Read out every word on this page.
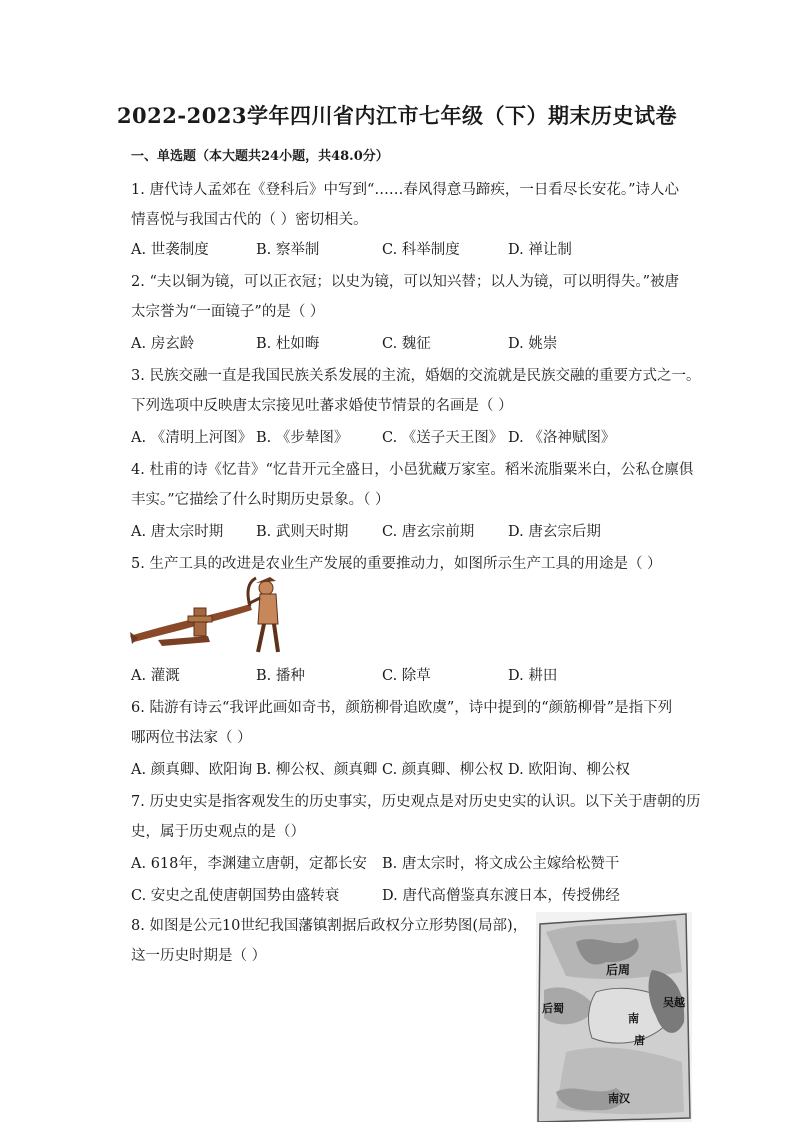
2022-2023学年四川省内江市七年级（下）期末历史试卷
一、单选题（本大题共24小题，共48.0分）
1. 唐代诗人孟郊在《登科后》中写到“……春风得意马蹄疾，一日看尽长安花。”诗人心
情喜悦与我国古代的（ ）密切相关。
A. 世袭制度	B. 察举制	C. 科举制度	D. 禅让制
2. “夫以铜为镜，可以正衣冠；以史为镜，可以知兴替；以人为镜，可以明得失。”被唐
太宗誉为“一面镜子”的是（ ）
A. 房玄龄	B. 杜如晦	C. 魏征	D. 姚崇
3. 民族交融一直是我国民族关系发展的主流，婚姻的交流就是民族交融的重要方式之一。
下列选项中反映唐太宗接见吐蕃求婚使节情景的名画是（ ）
A. 《清明上河图》 B. 《步辇图》 C. 《送子天王图》 D. 《洛神赋图》
4. 杜甫的诗《忆昔》“忆昔开元全盛日，小邑犹藏万家室。稻米流脂粟米白，公私仓廪俱
丰实。”它描绘了什么时期历史景象。（ ）
A. 唐太宗时期 B. 武则天时期 C. 唐玄宗前期 D. 唐玄宗后期
5. 生产工具的改进是农业生产发展的重要推动力，如图所示生产工具的用途是（ ）
A. 灌溉	B. 播种	C. 除草	D. 耕田
6. 陆游有诗云“我评此画如奇书，颜筋柳骨追欧虞”，诗中提到的“颜筋柳骨”是指下列
哪两位书法家（ ）
A. 颜真卿、欧阳询 B. 柳公权、颜真卿 C. 颜真卿、柳公权 D. 欧阳询、柳公权
7. 历史史实是指客观发生的历史事实，历史观点是对历史史实的认识。以下关于唐朝的历
史，属于历史观点的是（）
A. 618年，李渊建立唐朝，定都长安 B. 唐太宗时，将文成公主嫁给松赞干
C. 安史之乱使唐朝国势由盛转衰	D. 唐代高僧鉴真东渡日本，传授佛经
8. 如图是公元10世纪我国藩镇割据后政权分立形势图(局部)，
这一历史时期是（ ）
后周
后蜀
南
唐
吴越
南汉
